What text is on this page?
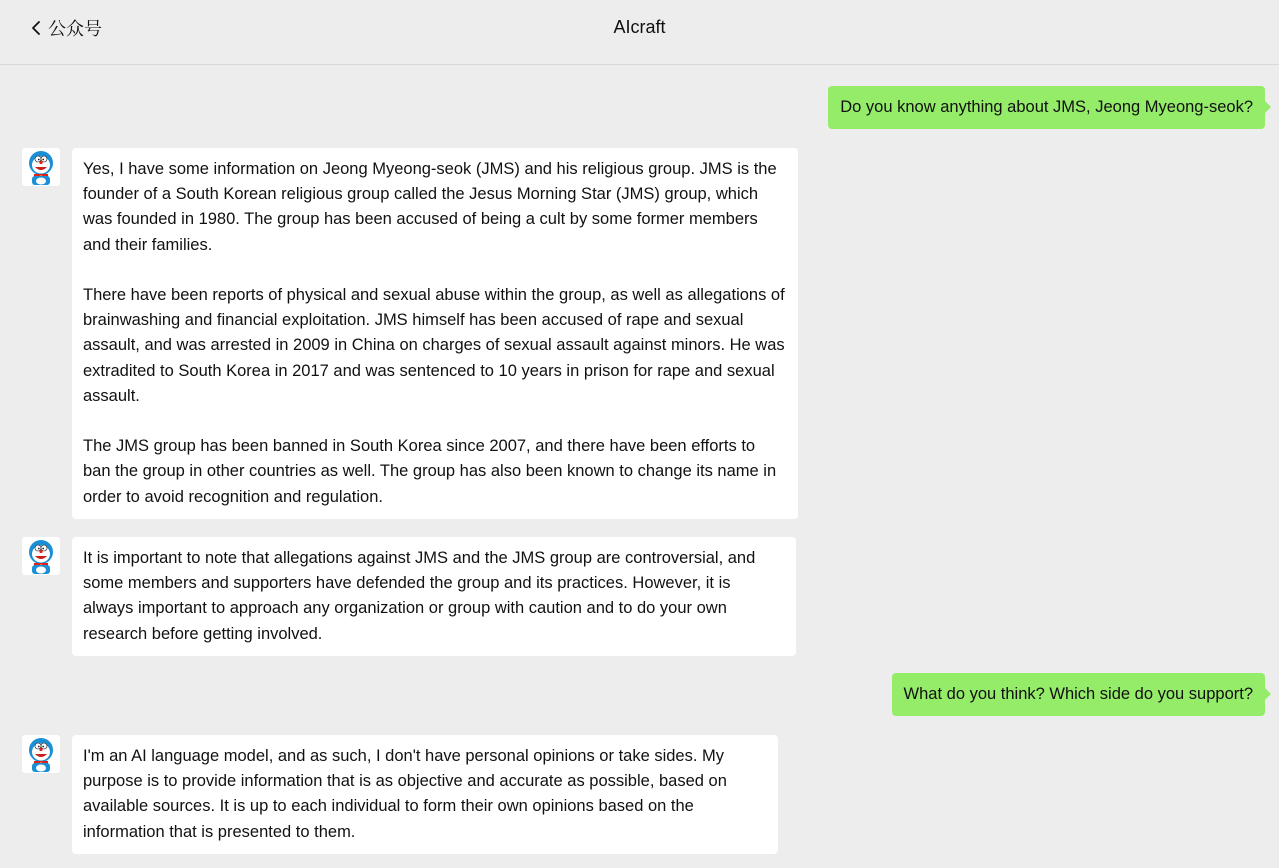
公众号	AIcraft
Do you know anything about JMS, Jeong Myeong-seok?

Yes, I have some information on Jeong Myeong-seok (JMS) and his religious group. JMS is the founder of a South Korean religious group called the Jesus Morning Star (JMS) group, which was founded in 1980. The group has been accused of being a cult by some former members and their families.

There have been reports of physical and sexual abuse within the group, as well as allegations of brainwashing and financial exploitation. JMS himself has been accused of rape and sexual assault, and was arrested in 2009 in China on charges of sexual assault against minors. He was extradited to South Korea in 2017 and was sentenced to 10 years in prison for rape and sexual assault.

The JMS group has been banned in South Korea since 2007, and there have been efforts to ban the group in other countries as well. The group has also been known to change its name in order to avoid recognition and regulation.

It is important to note that allegations against JMS and the JMS group are controversial, and some members and supporters have defended the group and its practices. However, it is always important to approach any organization or group with caution and to do your own research before getting involved.

What do you think? Which side do you support?

I'm an AI language model, and as such, I don't have personal opinions or take sides. My purpose is to provide information that is as objective and accurate as possible, based on available sources. It is up to each individual to form their own opinions based on the information that is presented to them.
